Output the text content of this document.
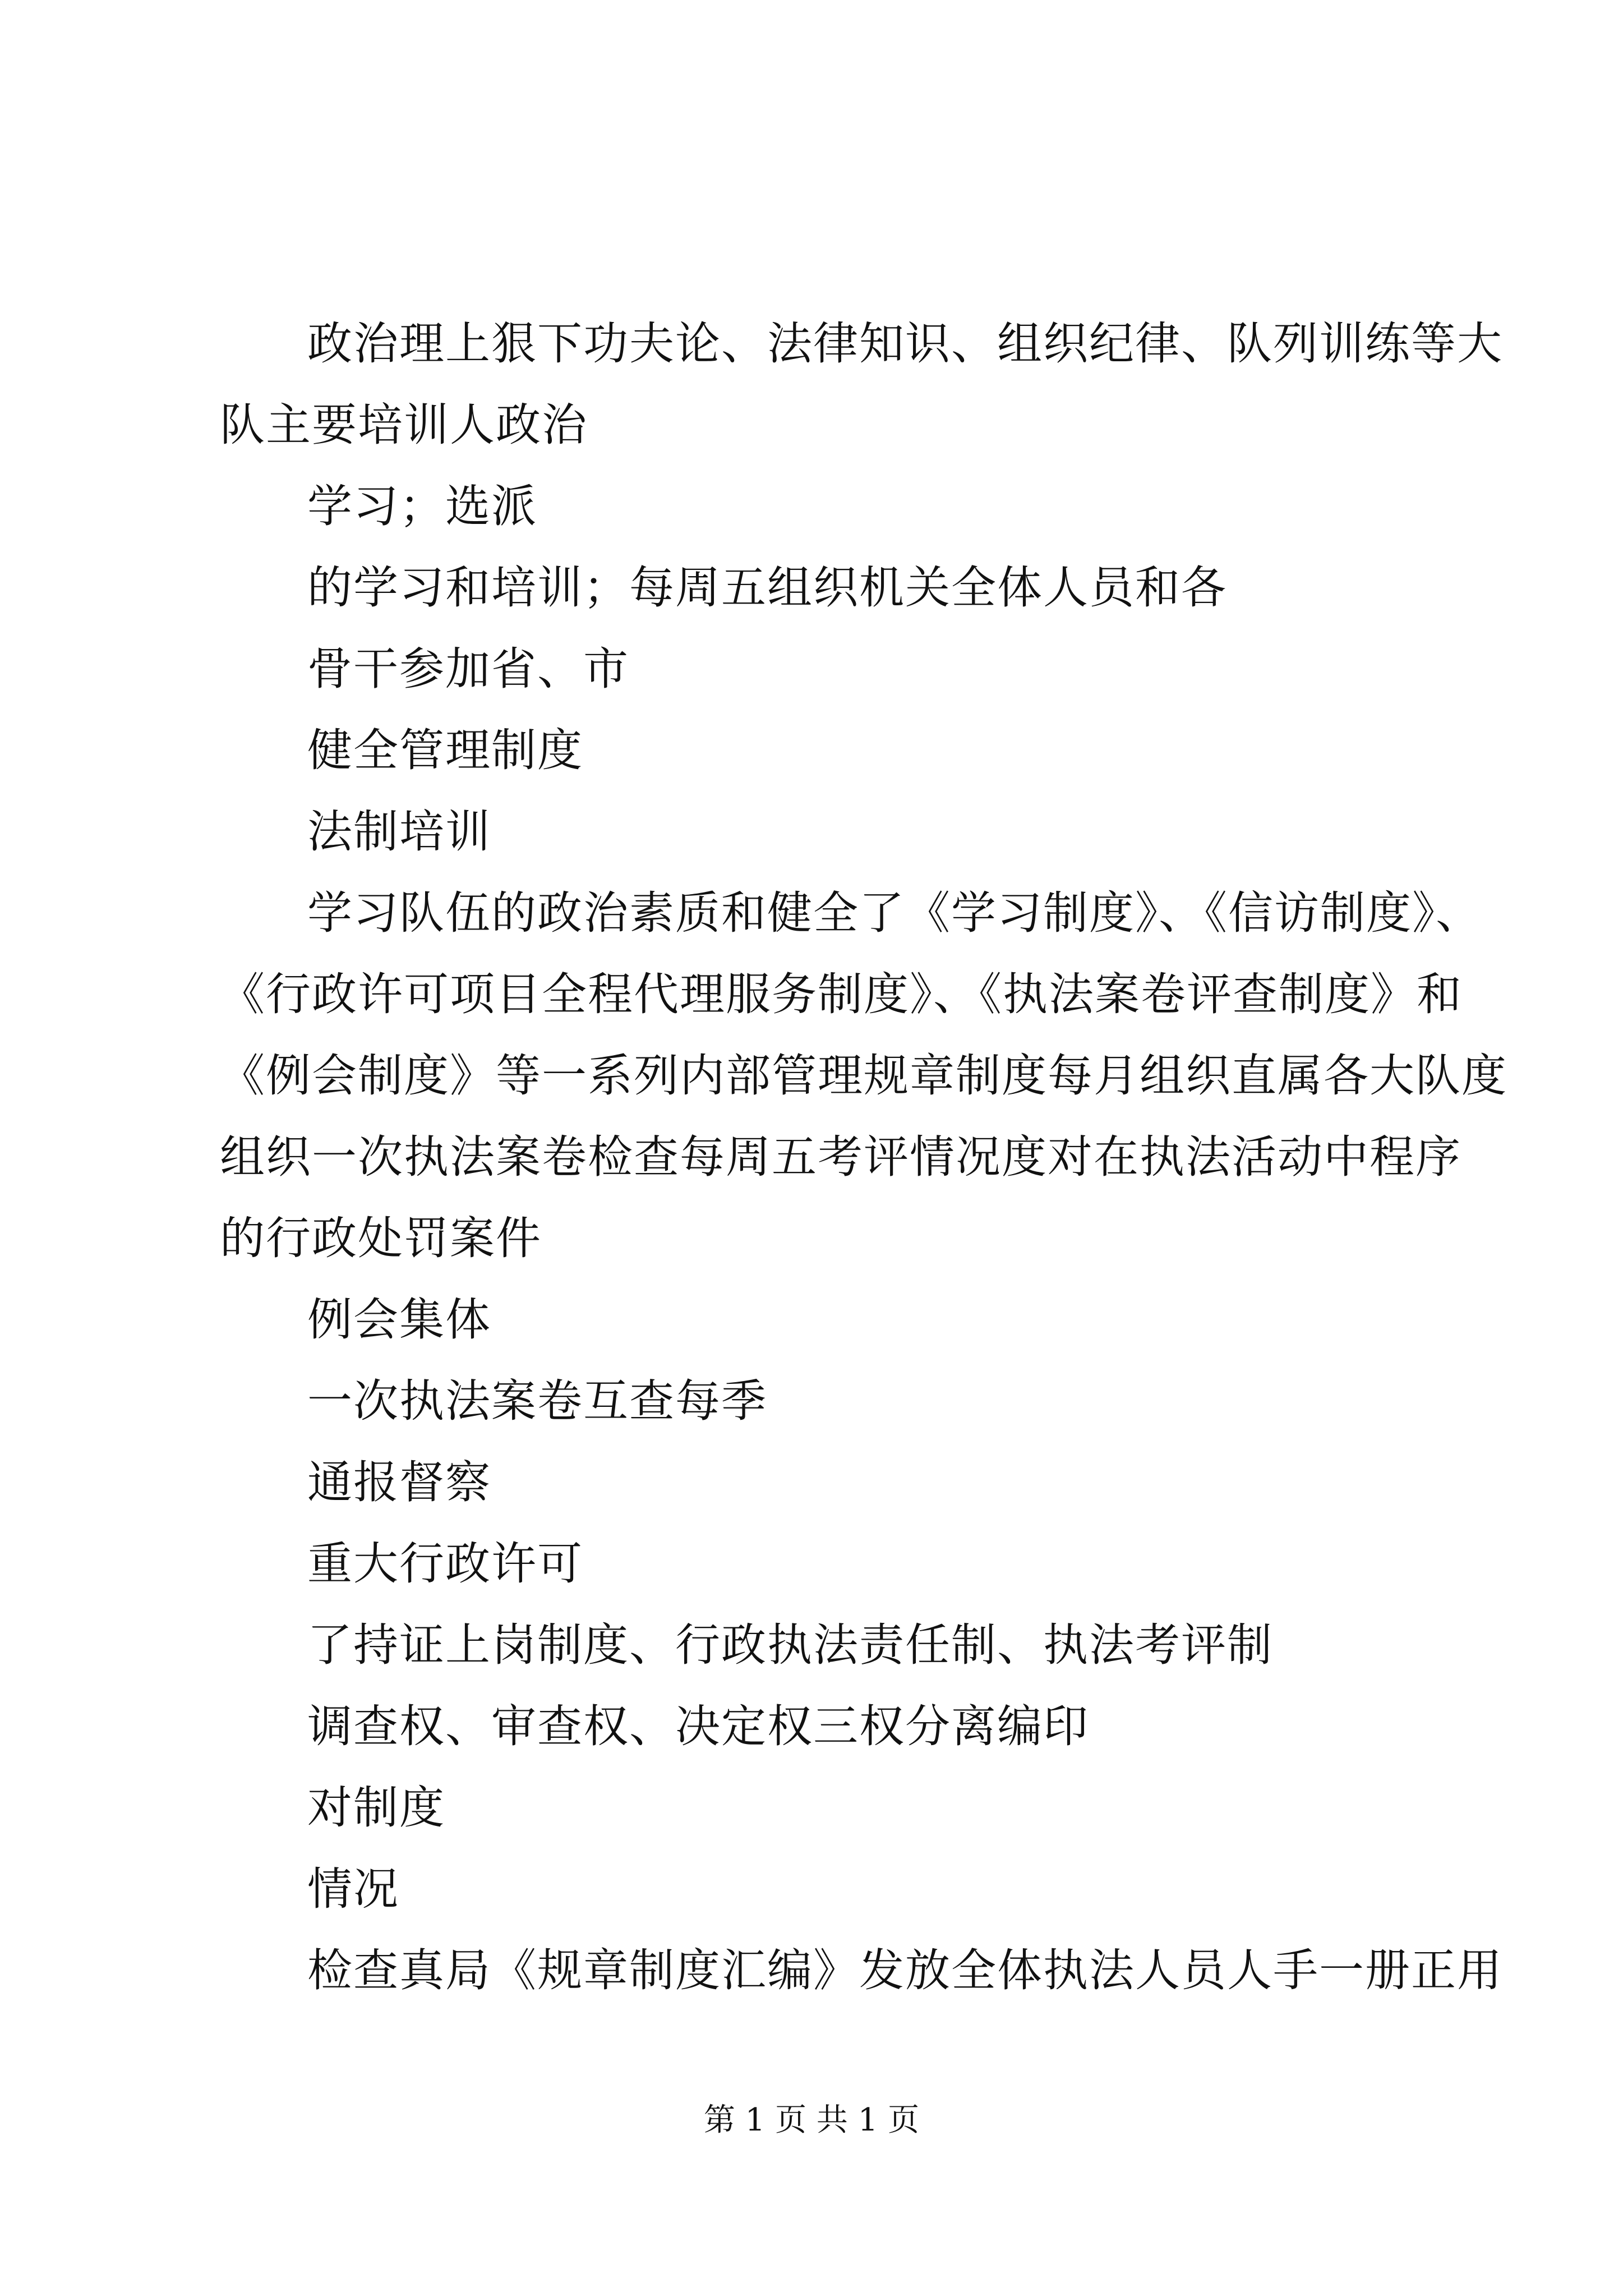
政治理上狠下功夫论、法律知识、组织纪律、队列训练等大
队主要培训人政治
学习；选派
的学习和培训；每周五组织机关全体人员和各
骨干参加省、市
健全管理制度
法制培训
学习队伍的政治素质和健全了《学习制度》、《信访制度》、
《行政许可项目全程代理服务制度》、《执法案卷评查制度》和
《例会制度》等一系列内部管理规章制度每月组织直属各大队度
组织一次执法案卷检查每周五考评情况度对在执法活动中程序
的行政处罚案件
例会集体
一次执法案卷互查每季
通报督察
重大行政许可
了持证上岗制度、行政执法责任制、执法考评制
调查权、审查权、决定权三权分离编印
对制度
情况
检查真局《规章制度汇编》发放全体执法人员人手一册正用
第 1 页 共 1 页
